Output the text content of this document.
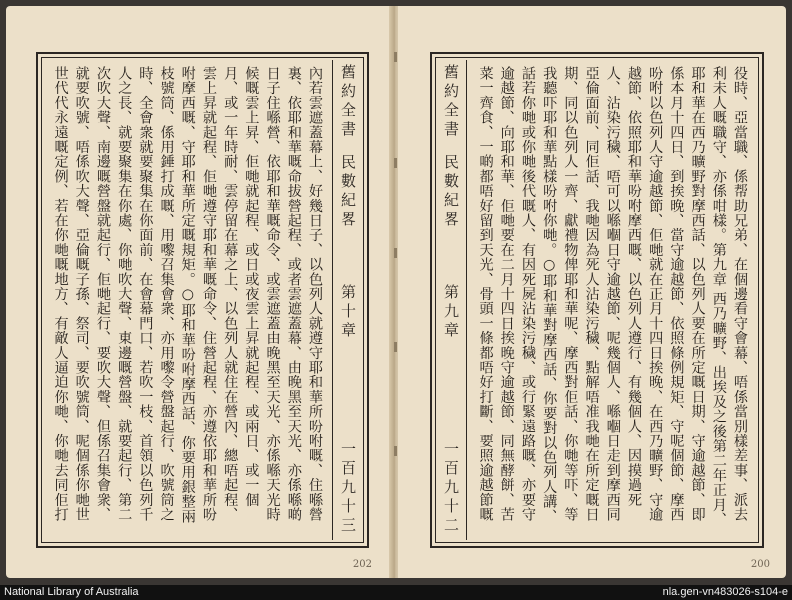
舊約全書
民數紀畧
第十章
一百九十三
內若雲遮蓋幕上、好幾日子、以色列人就遵守耶和華所吩咐嘅、住喺營裏、依耶和華嘅命拔營起程、或者雲遮蓋幕、由晚黑至天光、亦係喺啲日子住喺營、依耶和華嘅命令、或雲遮蓋由晚黑至天光、亦係喺天光時候嘅雲上昇、佢哋就起程、或日或夜雲上昇就起程、或兩日、或一個月、或一年時耐、雲停留在幕之上、以色列人就住在營內、總唔起程、雲上昇就起程、佢哋遵守耶和華嘅命令、住營起程、亦遵依耶和華所吩咐摩西嘅、守耶和華所定嘅規矩。○耶和華吩咐摩西話、你要用銀整兩枝號筒、係用錘打成嘅、用嚟召集會衆、亦用嚟令營盤起行、吹號筒之時、全會衆就要聚集在你面前、在會幕門口、若吹一枝、首領以色列千人之長、就要聚集在你處、你哋吹大聲、東邊嘅營盤、就要起行、第二次吹大聲、南邊嘅營盤就起行、佢哋起行、要吹大聲、但係召集會衆、就要吹號、唔係吹大聲、亞倫嘅子孫、祭司、要吹號筒、呢個係你哋世世代代永遠嘅定例、若在你哋嘅地方、有敵人逼迫你哋、你哋去同佢打
202
舊約全書
民數紀畧
第九章
一百九十二	役時、亞當職、係帮助兄弟、在個邊看守會幕、唔係當別樣差事、派去利未人嘅職守、亦係咁樣。第九章 西乃曠野、出埃及之後第二年正月、耶和華在西乃曠野對摩西話、以色列人要在所定嘅日期、守逾越節、即係本月十四日、到挨晚、當守逾越節、依照條例規矩、守呢個節、摩西吩咐以色列人守逾越節、佢哋就在正月十四日挨晚、在西乃曠野、守逾越節、依照耶和華吩咐摩西嘅、以色列人遵行、有幾個人、因摸過死人、沾染污穢、唔可以喺嗰日守逾越節、呢幾個人、喺嗰日走到摩西同亞倫面前、同佢話、我哋因為死人沾染污穢、點解唔准我哋在所定嘅日期、同以色列人一齊、獻禮物俾耶和華呢、摩西對佢話、你哋等吓、等我聽吓耶和華點樣吩咐你哋。○耶和華對摩西話、你要對以色列人講、話若你哋或你哋後代嘅人、有因死屍沾染污穢、或行緊遠路嘅、亦要守逾越節、向耶和華、佢哋要在二月十四日挨晚守逾越節、同無酵餅、苦菜一齊食、一啲都唔好留到天光、骨頭一條都唔好打斷、要照逾越節嘅
200
National Library of Australia	nla.gen-vn483026-s104-e
